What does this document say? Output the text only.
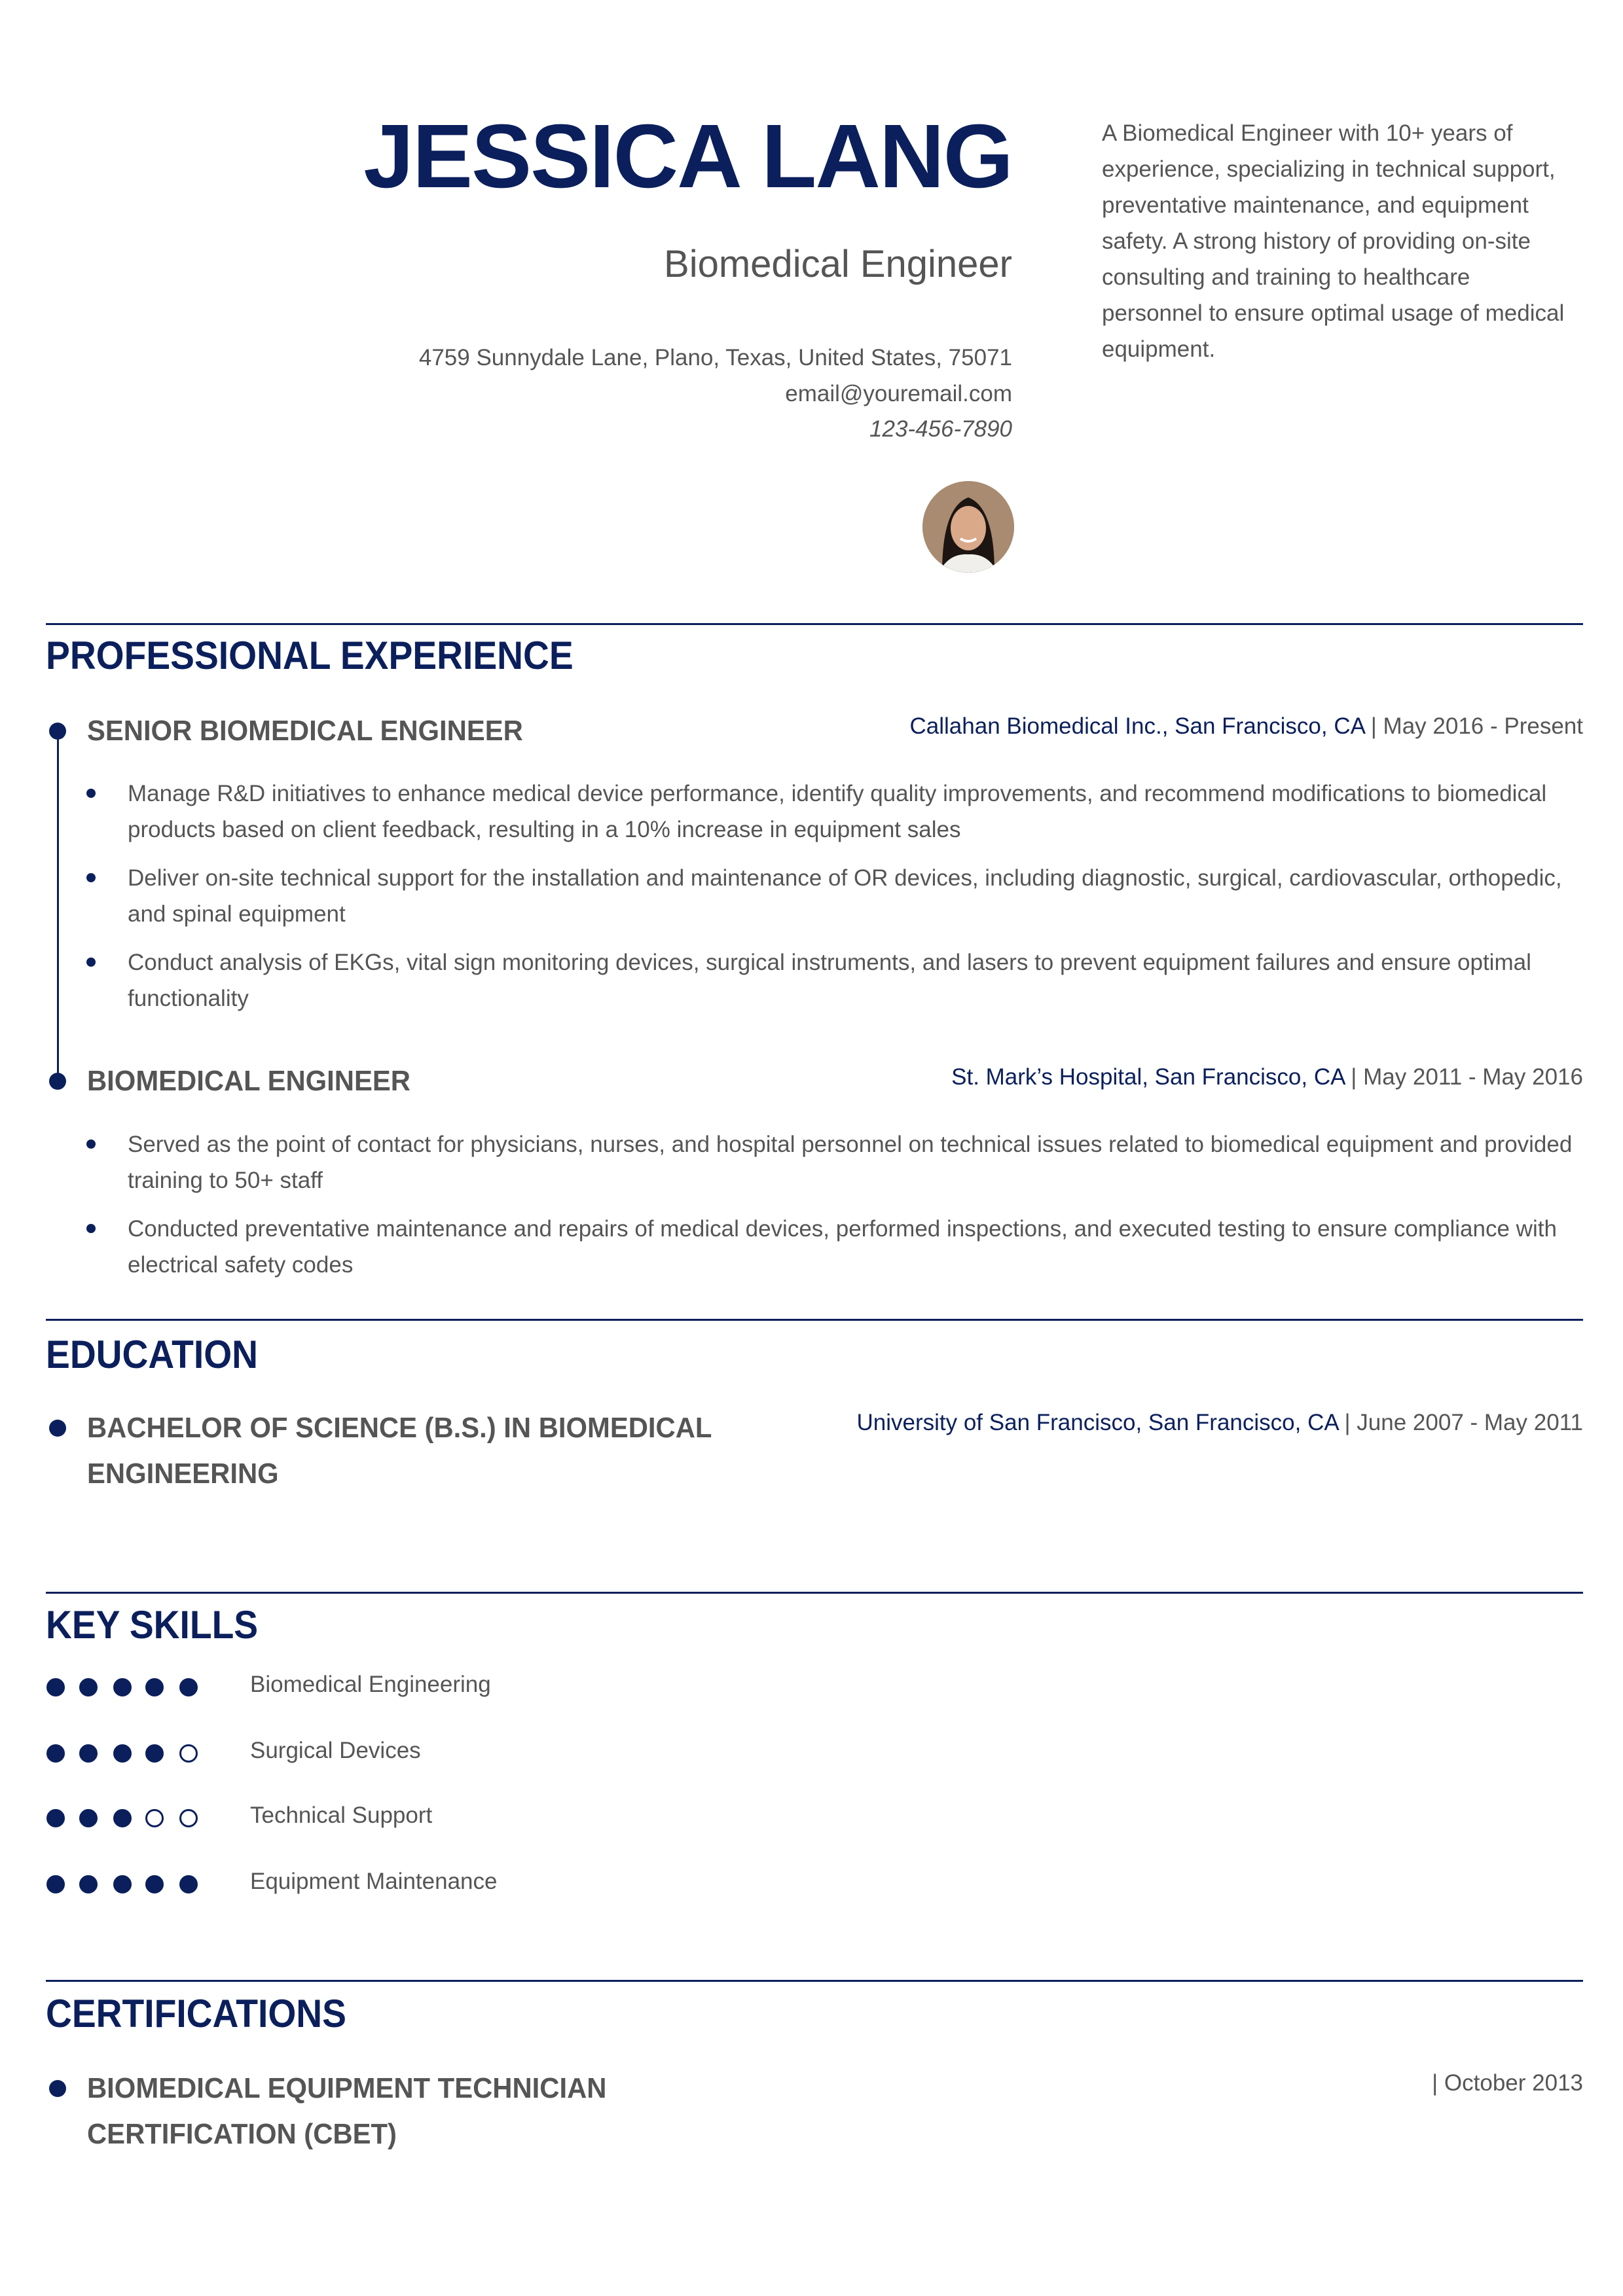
JESSICA LANG
Biomedical Engineer
4759 Sunnydale Lane, Plano, Texas, United States, 75071
email@youremail.com
123-456-7890
A Biomedical Engineer with 10+ years of experience, specializing in technical support, preventative maintenance, and equipment safety. A strong history of providing on-site consulting and training to healthcare personnel to ensure optimal usage of medical equipment.
PROFESSIONAL EXPERIENCE
SENIOR BIOMEDICAL ENGINEER	Callahan Biomedical Inc., San Francisco, CA | May 2016 - Present
Manage R&D initiatives to enhance medical device performance, identify quality improvements, and recommend modifications to biomedical products based on client feedback, resulting in a 10% increase in equipment sales
Deliver on-site technical support for the installation and maintenance of OR devices, including diagnostic, surgical, cardiovascular, orthopedic, and spinal equipment
Conduct analysis of EKGs, vital sign monitoring devices, surgical instruments, and lasers to prevent equipment failures and ensure optimal functionality
BIOMEDICAL ENGINEER	St. Mark’s Hospital, San Francisco, CA | May 2011 - May 2016
Served as the point of contact for physicians, nurses, and hospital personnel on technical issues related to biomedical equipment and provided training to 50+ staff
Conducted preventative maintenance and repairs of medical devices, performed inspections, and executed testing to ensure compliance with electrical safety codes
EDUCATION
BACHELOR OF SCIENCE (B.S.) IN BIOMEDICAL
ENGINEERING
University of San Francisco, San Francisco, CA | June 2007 - May 2011
KEY SKILLS
Biomedical Engineering
Surgical Devices
Technical Support
Equipment Maintenance
CERTIFICATIONS
BIOMEDICAL EQUIPMENT TECHNICIAN
CERTIFICATION (CBET)
| October 2013
